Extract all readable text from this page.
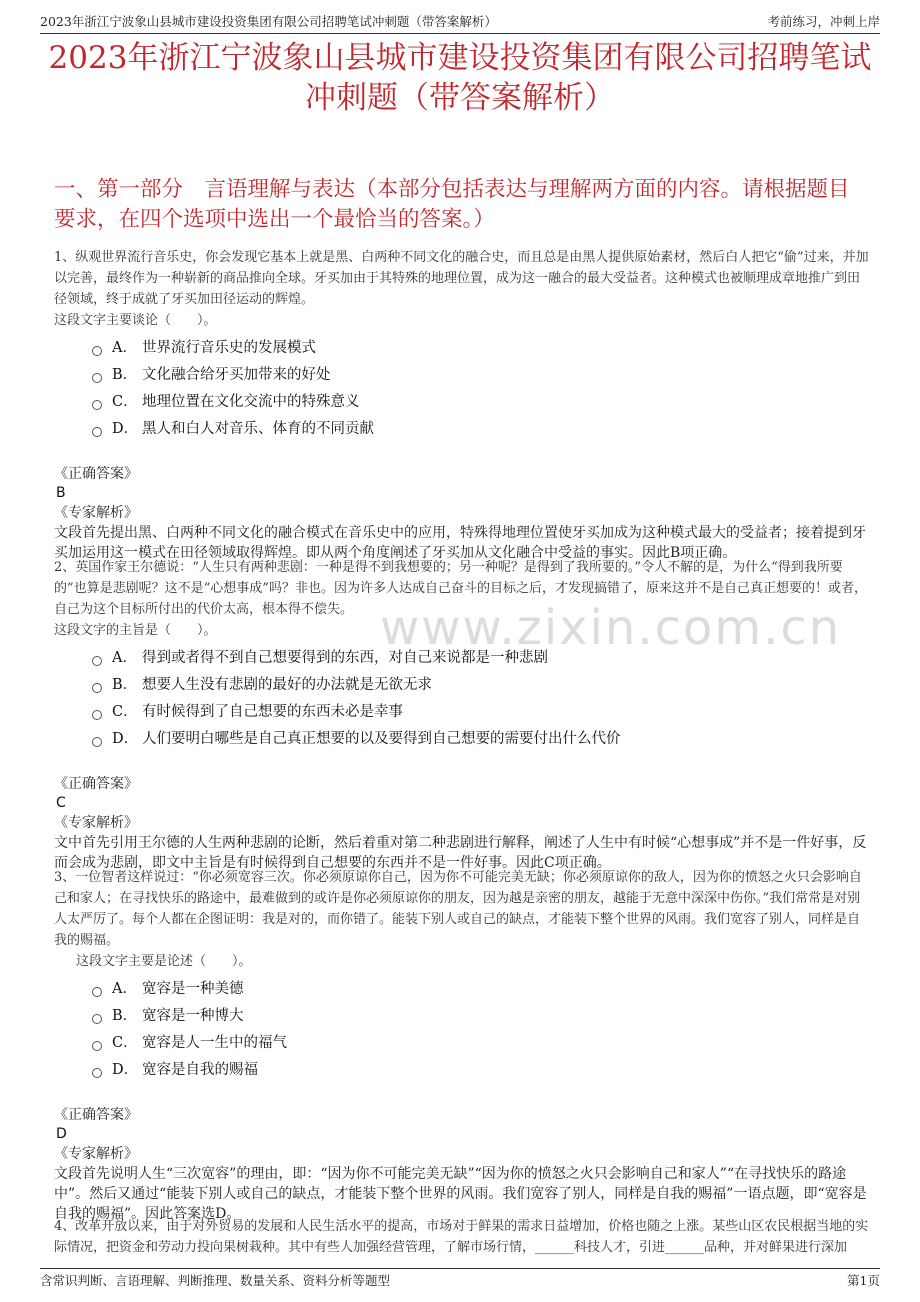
2023年浙江宁波象山县城市建设投资集团有限公司招聘笔试冲刺题（带答案解析）	考前练习，冲刺上岸
2023年浙江宁波象山县城市建设投资集团有限公司招聘笔试冲刺题（带答案解析）
一、第一部分　言语理解与表达（本部分包括表达与理解两方面的内容。请根据题目要求，在四个选项中选出一个最恰当的答案。）
www.zixin.com.cn

1、纵观世界流行音乐史，你会发现它基本上就是黑、白两种不同文化的融合史，而且总是由黑人提供原始素材，然后白人把它“偷”过来，并加以完善，最终作为一种崭新的商品推向全球。牙买加由于其特殊的地理位置，成为这一融合的最大受益者。这种模式也被顺理成章地推广到田径领域，终于成就了牙买加田径运动的辉煌。

这段文字主要谈论（　　）。

A． 世界流行音乐史的发展模式
B． 文化融合给牙买加带来的好处
C． 地理位置在文化交流中的特殊意义
D． 黑人和白人对音乐、体育的不同贡献
《正确答案》
B
《专家解析》

文段首先提出黑、白两种不同文化的融合模式在音乐史中的应用，特殊得地理位置使牙买加成为这种模式最大的受益者；接着提到牙买加运用这一模式在田径领域取得辉煌。即从两个角度阐述了牙买加从文化融合中受益的事实。因此B项正确。

2、英国作家王尔德说：“人生只有两种悲剧：一种是得不到我想要的；另一种呢？是得到了我所要的。”令人不解的是，为什么“得到我所要的”也算是悲剧呢？这不是“心想事成”吗？非也。因为许多人达成自己奋斗的目标之后，才发现搞错了，原来这并不是自己真正想要的！或者，自己为这个目标所付出的代价太高，根本得不偿失。

这段文字的主旨是（　　）。

A． 得到或者得不到自己想要得到的东西，对自己来说都是一种悲剧
B． 想要人生没有悲剧的最好的办法就是无欲无求
C． 有时候得到了自己想要的东西未必是幸事
D． 人们要明白哪些是自己真正想要的以及要得到自己想要的需要付出什么代价
《正确答案》
C
《专家解析》

文中首先引用王尔德的人生两种悲剧的论断，然后着重对第二种悲剧进行解释，阐述了人生中有时候“心想事成”并不是一件好事，反而会成为悲剧，即文中主旨是有时候得到自己想要的东西并不是一件好事。因此C项正确。

3、一位智者这样说过：“你必须宽容三次。你必须原谅你自己，因为你不可能完美无缺；你必须原谅你的敌人，因为你的愤怒之火只会影响自己和家人；在寻找快乐的路途中，最难做到的或许是你必须原谅你的朋友，因为越是亲密的朋友，越能于无意中深深中伤你。”我们常常是对别人太严厉了。每个人都在企图证明：我是对的，而你错了。能装下别人或自己的缺点，才能装下整个世界的风雨。我们宽容了别人，同样是自我的赐福。

这段文字主要是论述（　　）。

A． 宽容是一种美德
B． 宽容是一种博大
C． 宽容是人一生中的福气
D． 宽容是自我的赐福
《正确答案》
D
《专家解析》

文段首先说明人生“三次宽容”的理由，即：“因为你不可能完美无缺”“因为你的愤怒之火只会影响自己和家人”“在寻找快乐的路途中”。然后又通过“能装下别人或自己的缺点，才能装下整个世界的风雨。我们宽容了别人，同样是自我的赐福”一语点题，即“宽容是自我的赐福”。因此答案选D。

4、改革开放以来，由于对外贸易的发展和人民生活水平的提高，市场对于鲜果的需求日益增加，价格也随之上涨。某些山区农民根据当地的实际情况，把资金和劳动力投向果树栽种。其中有些人加强经营管理，了解市场行情，______科技人才，引进______品种，并对鲜果进行深加

含常识判断、言语理解、判断推理、数量关系、资料分析等题型	第1页
